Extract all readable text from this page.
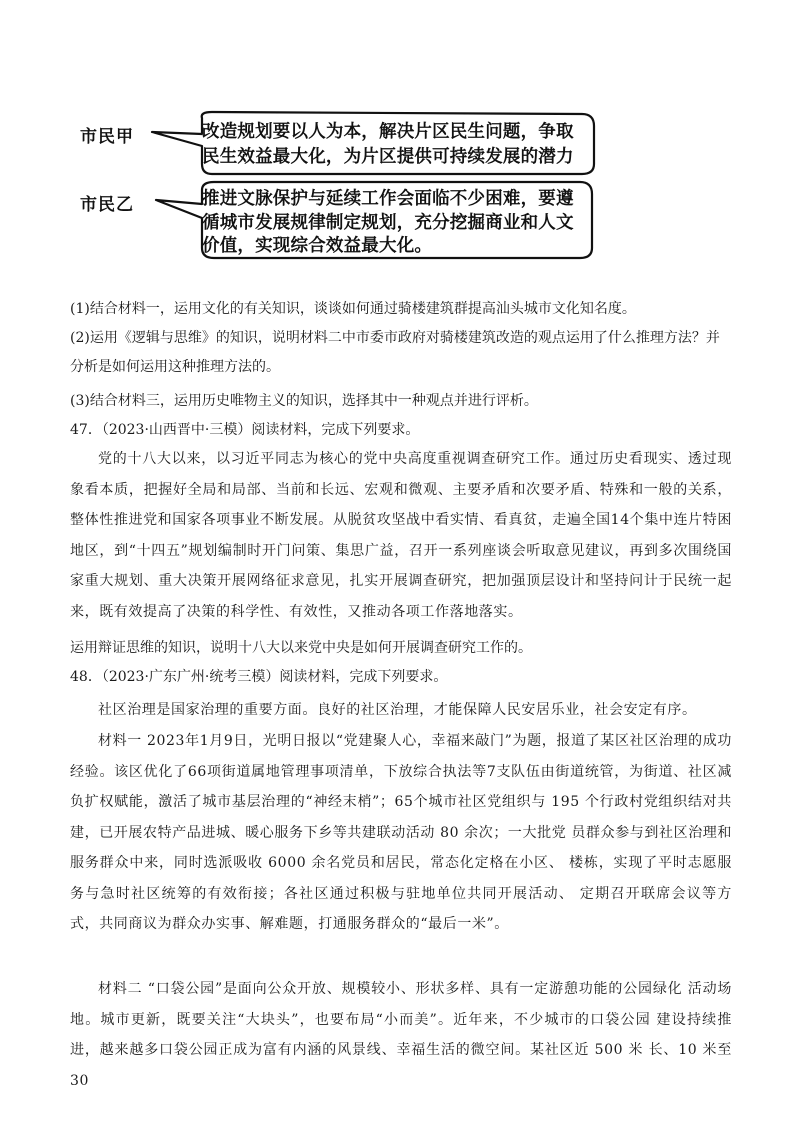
市民甲	改造规划要以人为本，解决片区民生问题，争取

民生效益最大化，为片区提供可持续发展的潜力

市民乙	推进文脉保护与延续工作会面临不少困难，要遵

循城市发展规律制定规划，充分挖掘商业和人文

价值，实现综合效益最大化。

(1)结合材料一，运用文化的有关知识，谈谈如何通过骑楼建筑群提高汕头城市文化知名度。

(2)运用《逻辑与思维》的知识，说明材料二中市委市政府对骑楼建筑改造的观点运用了什么推理方法？并

分析是如何运用这种推理方法的。

(3)结合材料三，运用历史唯物主义的知识，选择其中一种观点并进行评析。

47．（2023·山西晋中·三模）阅读材料，完成下列要求。

党的十八大以来，以习近平同志为核心的党中央高度重视调查研究工作。通过历史看现实、透过现象看本质，把握好全局和局部、当前和长远、宏观和微观、主要矛盾和次要矛盾、特殊和一般的关系，整体性推进党和国家各项事业不断发展。从脱贫攻坚战中看实情、看真贫，走遍全国14个集中连片特困地区，到“十四五”规划编制时开门问策、集思广益，召开一系列座谈会听取意见建议，再到多次围绕国家重大规划、重大决策开展网络征求意见，扎实开展调查研究，把加强顶层设计和坚持问计于民统一起来，既有效提高了决策的科学性、有效性，又推动各项工作落地落实。

运用辩证思维的知识，说明十八大以来党中央是如何开展调查研究工作的。

48．（2023·广东广州·统考三模）阅读材料，完成下列要求。

社区治理是国家治理的重要方面。良好的社区治理，才能保障人民安居乐业，社会安定有序。

材料一 2023年1月9日，光明日报以“党建聚人心，幸福来敲门”为题，报道了某区社区治理的成功经验。该区优化了66项街道属地管理事项清单，下放综合执法等7支队伍由街道统管，为街道、社区减负扩权赋能，激活了城市基层治理的“神经末梢”；65个城市社区党组织与 195 个行政村党组织结对共建，已开展农特产品进城、暖心服务下乡等共建联动活动 80 余次；一大批党 员群众参与到社区治理和服务群众中来，同时选派吸收 6000 余名党员和居民，常态化定格在小区、 楼栋，实现了平时志愿服务与急时社区统筹的有效衔接；各社区通过积极与驻地单位共同开展活动、 定期召开联席会议等方式，共同商议为群众办实事、解难题，打通服务群众的“最后一米”。

材料二 “口袋公园”是面向公众开放、规模较小、形状多样、具有一定游憩功能的公园绿化 活动场地。城市更新，既要关注“大块头”，也要布局“小而美”。近年来，不少城市的口袋公园 建设持续推进，越来越多口袋公园正成为富有内涵的风景线、幸福生活的微空间。某社区近 500 米 长、10 米至 30
